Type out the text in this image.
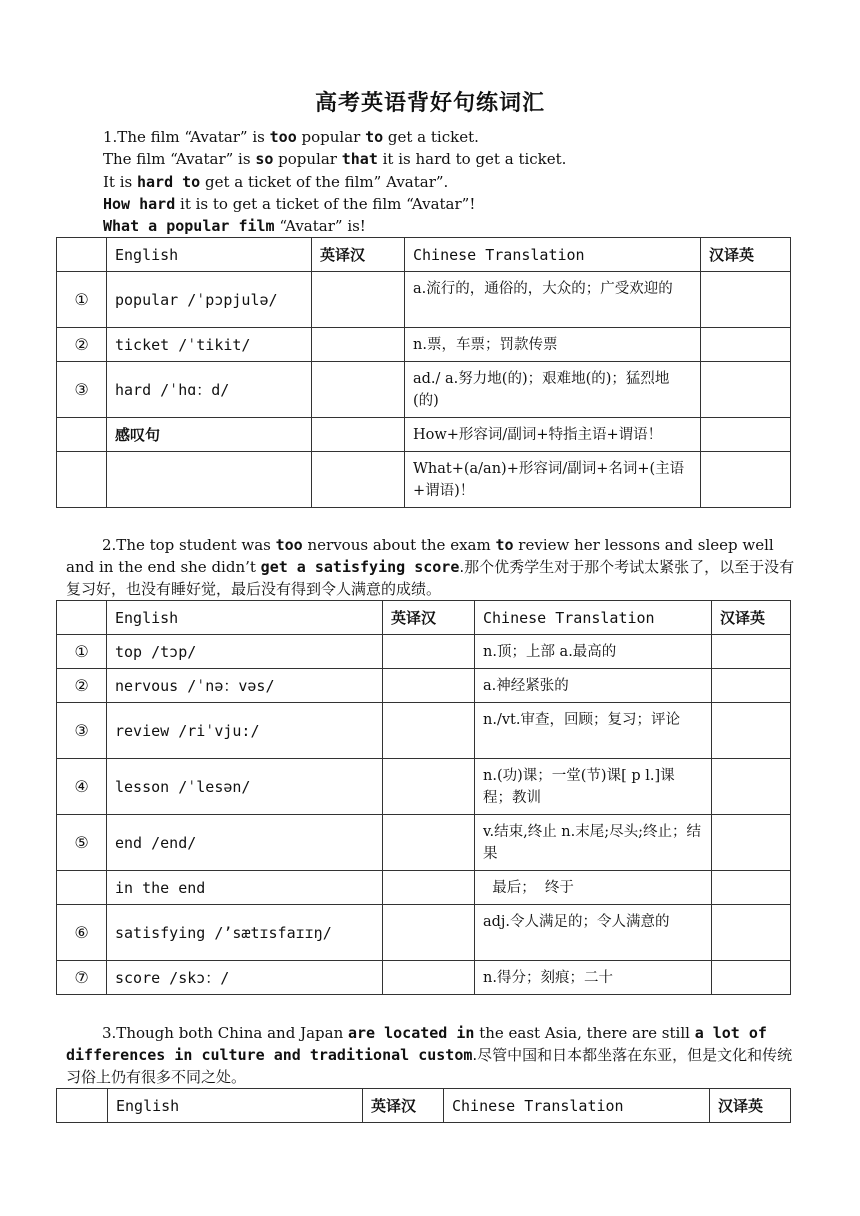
高考英语背好句练词汇
1.The film “Avatar” is too popular to get a ticket.
The film “Avatar” is so popular that it is hard to get a ticket.
It is hard to get a ticket of the film” Avatar”.
How hard it is to get a ticket of the film “Avatar”!
What a popular film “Avatar” is!
	English	英译汉	Chinese Translation	汉译英
①	popular /ˈpɔpjulə/		a.流行的，通俗的，大众的；广受欢迎的	
②	ticket /ˈtikit/		n.票，车票；罚款传票	
③	hard /ˈhɑ：d/		ad./ a.努力地(的)；艰难地(的)；猛烈地(的)	
	感叹句		How+形容词/副词+特指主语+谓语！	
			What+(a/an)+形容词/副词+名词+(主语+谓语)！	
2.The top student was too nervous about the exam to review her lessons and sleep well and in the end she didn’t get a satisfying score.那个优秀学生对于那个考试太紧张了，以至于没有复习好，也没有睡好觉，最后没有得到令人满意的成绩。
	English	英译汉	Chinese Translation	汉译英
①	top /tɔp/		n.顶；上部 a.最高的	
②	nervous /ˈnə：vəs/		a.神经紧张的	
③	review /riˈvju:/		n./vt.审查，回顾；复习；评论	
④	lesson /ˈlesən/		n.(功)课；一堂(节)课[ p l.]课程；教训	
⑤	end /end/		v.结束,终止 n.末尾;尽头;终止；结果	
	in the end		最后；  终于	
⑥	satisfying /’sætɪsfaɪɪŋ/		adj.令人满足的；令人满意的	
⑦	score /skɔ：/		n.得分；刻痕；二十	
3.Though both China and Japan are located in the east Asia, there are still a lot of differences in culture and traditional custom.尽管中国和日本都坐落在东亚，但是文化和传统习俗上仍有很多不同之处。
	English	英译汉	Chinese Translation	汉译英
